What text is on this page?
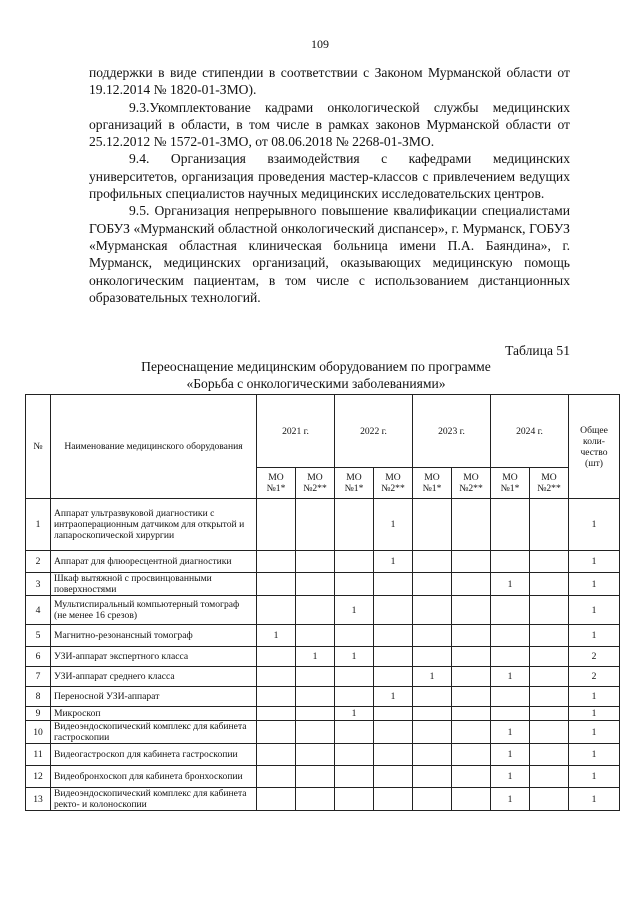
109

поддержки в виде стипендии в соответствии с Законом Мурманской области от 19.12.2014 № 1820-01-ЗМО).

9.3.Укомплектование кадрами онкологической службы медицинских организаций в области, в том числе в рамках законов Мурманской области от 25.12.2012 № 1572-01-ЗМО, от 08.06.2018 № 2268-01-ЗМО.

9.4. Организация взаимодействия с кафедрами медицинских университетов, организация проведения мастер-классов с привлечением ведущих профильных специалистов научных медицинских исследовательских центров.

9.5. Организация непрерывного повышение квалификации специалистами ГОБУЗ «Мурманский областной онкологический диспансер», г. Мурманск, ГОБУЗ «Мурманская областная клиническая больница имени П.А. Баяндина», г. Мурманск, медицинских организаций, оказывающих медицинскую помощь онкологическим пациентам, в том числе с использованием дистанционных образовательных технологий.

Таблица 51
Переоснащение медицинским оборудованием по программе
«Борьба с онкологическими заболеваниями»
№	Наименование медицинского оборудования	2021 г.		2022 г.		2023 г.		2024 г.		Общее коли-чество (шт)
		МО №1*	МО №2**	МО №1*	МО №2**	МО №1*	МО №2**	МО №1*	МО №2**	
1	Аппарат ультразвуковой диагностики с интраоперационным датчиком для открытой и лапароскопической хирургии				1					1
2	Аппарат для флюоресцентной диагностики				1					1
3	Шкаф вытяжной с просвинцованными поверхностями							1		1
4	Мультиспиральный компьютерный томограф (не менее 16 срезов)			1						1
5	Магнитно-резонансный томограф	1								1
6	УЗИ-аппарат экспертного класса		1	1						2
7	УЗИ-аппарат среднего класса					1		1		2
8	Переносной УЗИ-аппарат				1					1
9	Микроскоп			1						1
10	Видеоэндоскопический комплекс для кабинета гастроскопии							1		1
11	Видеогастроскоп для кабинета гастроскопии							1		1
12	Видеобронхоскоп для кабинета бронхоскопии							1		1
13	Видеоэндоскопический комплекс для кабинета ректо- и колоноскопии							1		1
